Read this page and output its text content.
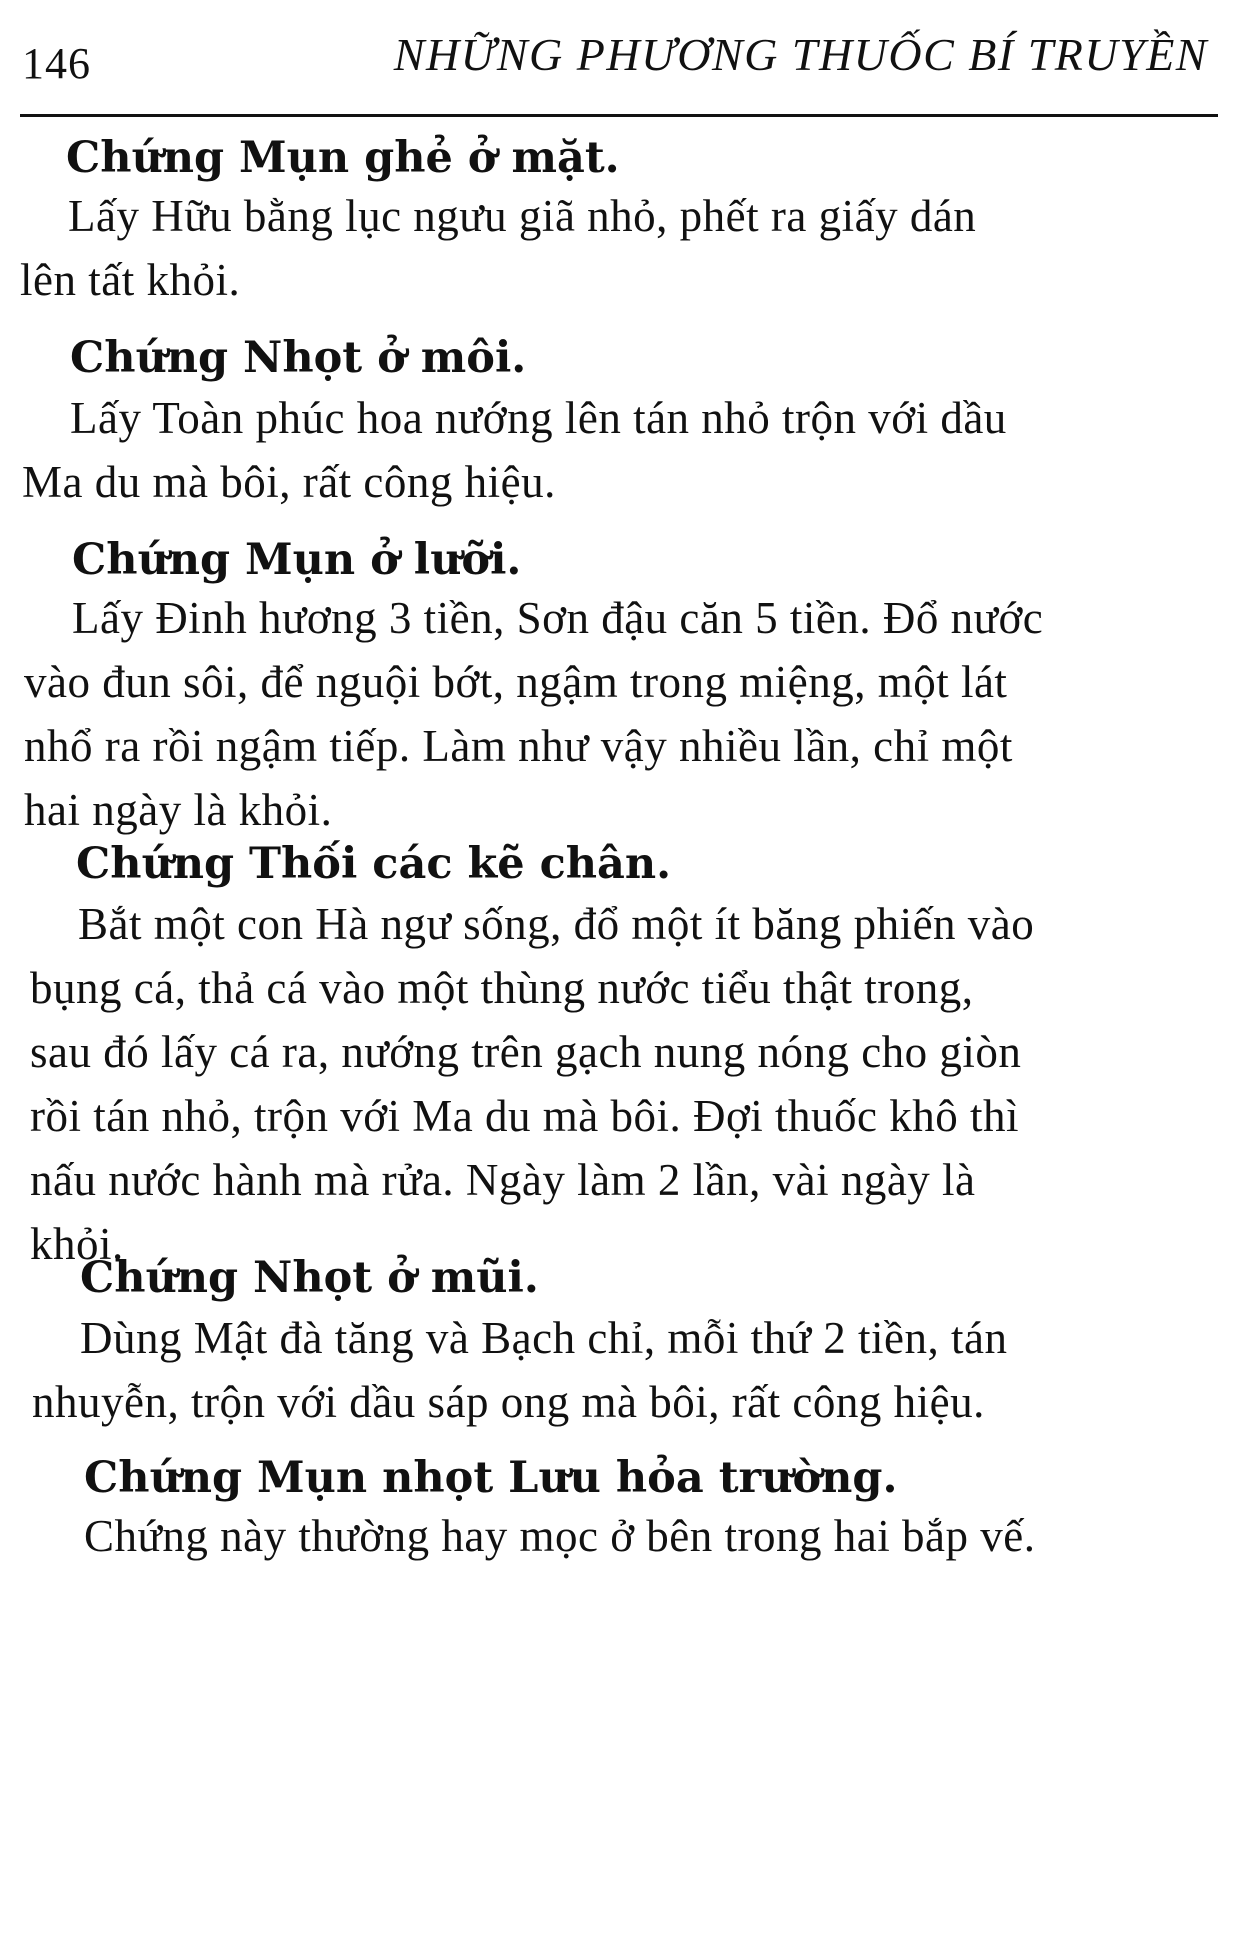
146	NHỮNG PHƯƠNG THUỐC BÍ TRUYỀN
Chứng Mụn ghẻ ở mặt.
Lấy Hữu bằng lục ngưu giã nhỏ, phết ra giấy dán
lên tất khỏi.
Chứng Nhọt ở môi.
Lấy Toàn phúc hoa nướng lên tán nhỏ trộn với dầu
Ma du mà bôi, rất công hiệu.
Chứng Mụn ở lưỡi.
Lấy Đinh hương 3 tiền, Sơn đậu căn 5 tiền. Đổ nước
vào đun sôi, để nguội bớt, ngậm trong miệng, một lát
nhổ ra rồi ngậm tiếp. Làm như vậy nhiều lần, chỉ một
hai ngày là khỏi.
Chứng Thối các kẽ chân.
Bắt một con Hà ngư sống, đổ một ít băng phiến vào
bụng cá, thả cá vào một thùng nước tiểu thật trong,
sau đó lấy cá ra, nướng trên gạch nung nóng cho giòn
rồi tán nhỏ, trộn với Ma du mà bôi. Đợi thuốc khô thì
nấu nước hành mà rửa. Ngày làm 2 lần, vài ngày là
khỏi.
Chứng Nhọt ở mũi.
Dùng Mật đà tăng và Bạch chỉ, mỗi thứ 2 tiền, tán
nhuyễn, trộn với dầu sáp ong mà bôi, rất công hiệu.
Chứng Mụn nhọt Lưu hỏa trường.
Chứng này thường hay mọc ở bên trong hai bắp vế.
